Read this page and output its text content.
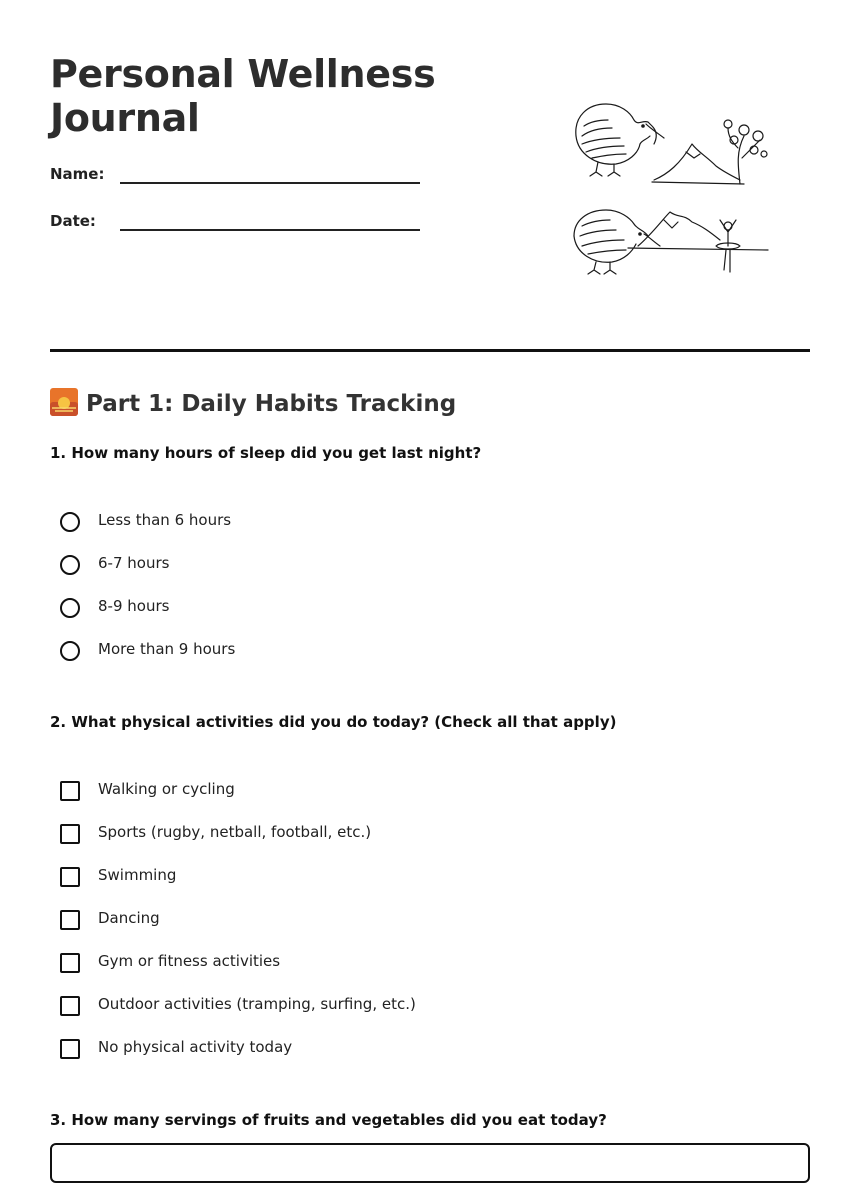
Personal Wellness Journal
Name:
Date:
Part 1: Daily Habits Tracking

1. How many hours of sleep did you get last night?

Less than 6 hours
6-7 hours
8-9 hours
More than 9 hours

2. What physical activities did you do today? (Check all that apply)

Walking or cycling
Sports (rugby, netball, football, etc.)
Swimming
Dancing
Gym or fitness activities
Outdoor activities (tramping, surfing, etc.)
No physical activity today

3. How many servings of fruits and vegetables did you eat today?
